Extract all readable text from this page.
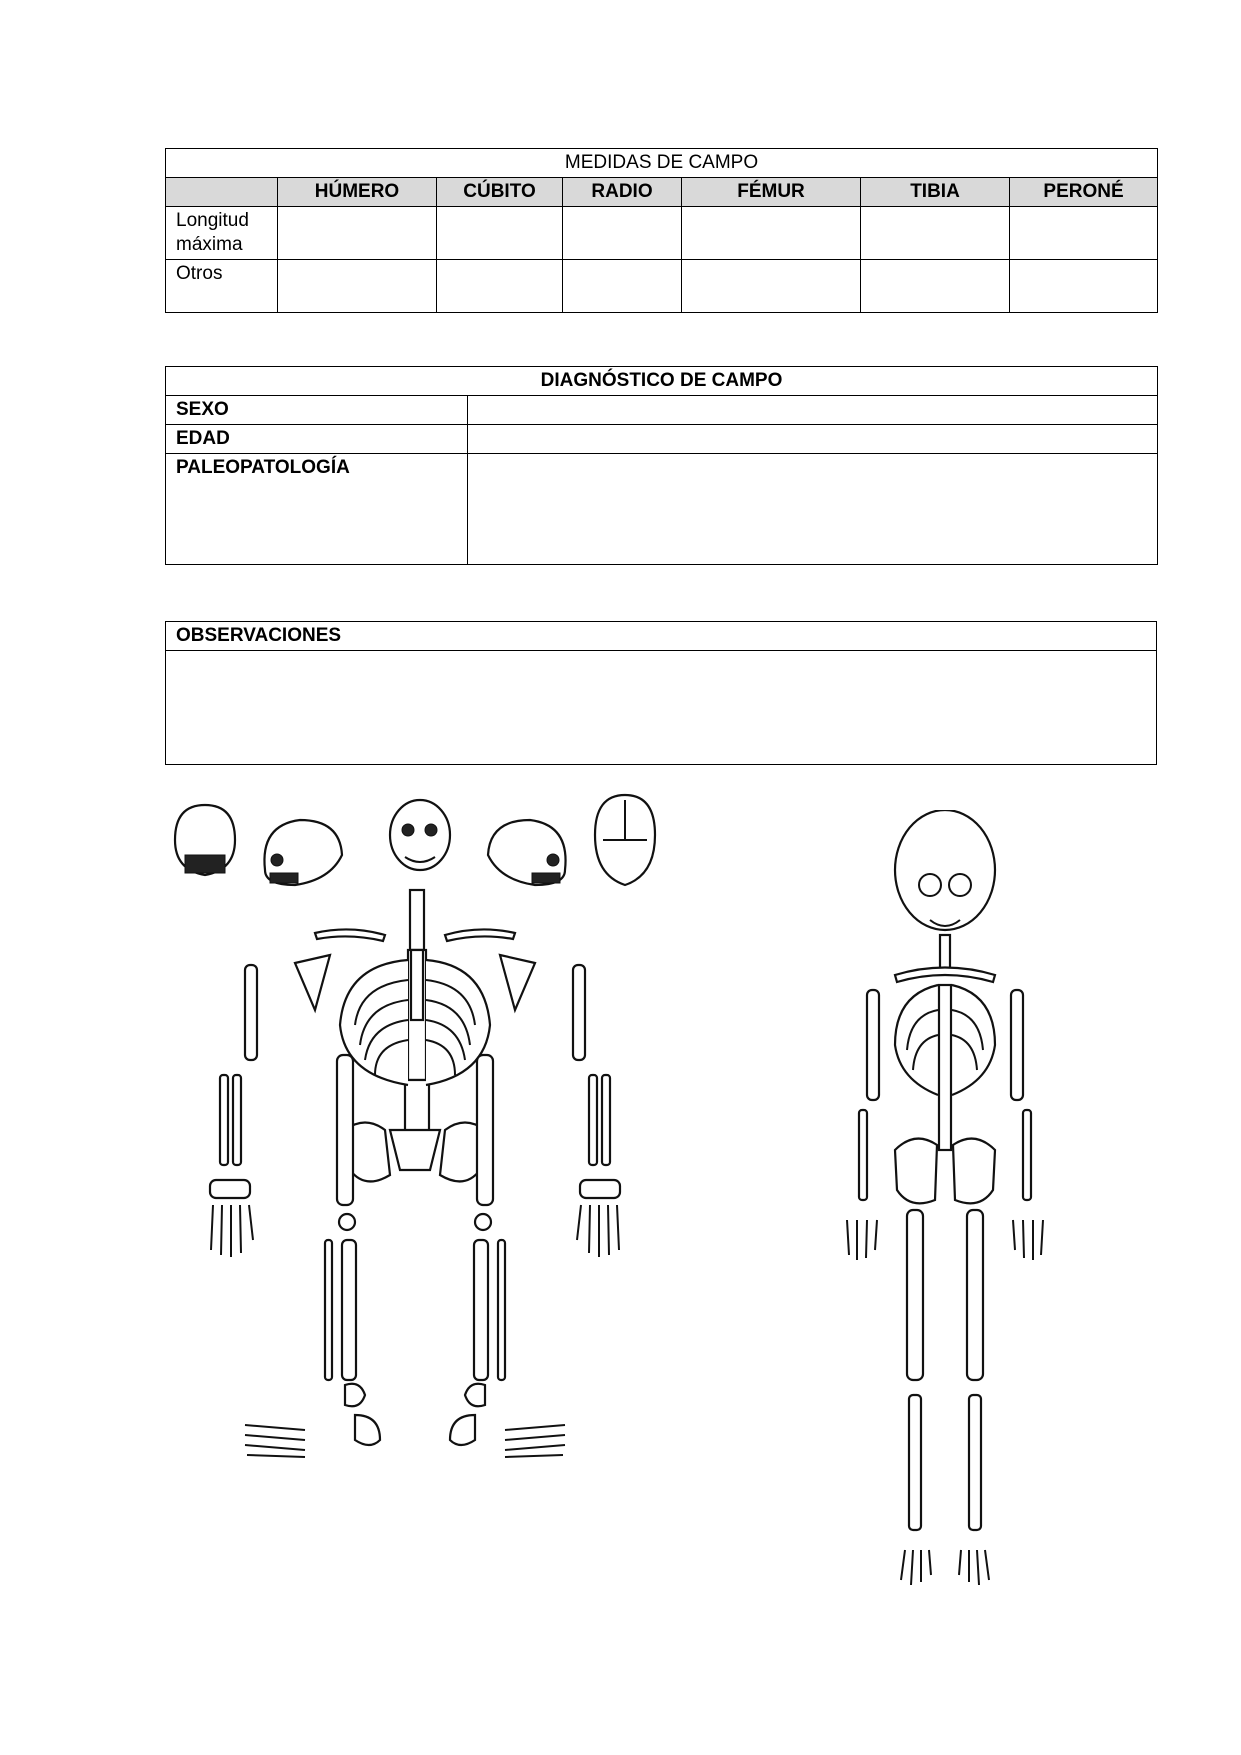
MEDIDAS DE CAMPO						
	HÚMERO	CÚBITO	RADIO	FÉMUR	TIBIA	PERONÉ
Longitud máxima						
Otros						
DIAGNÓSTICO DE CAMPO	
SEXO	
EDAD	
PALEOPATOLOGÍA	
OBSERVACIONES
